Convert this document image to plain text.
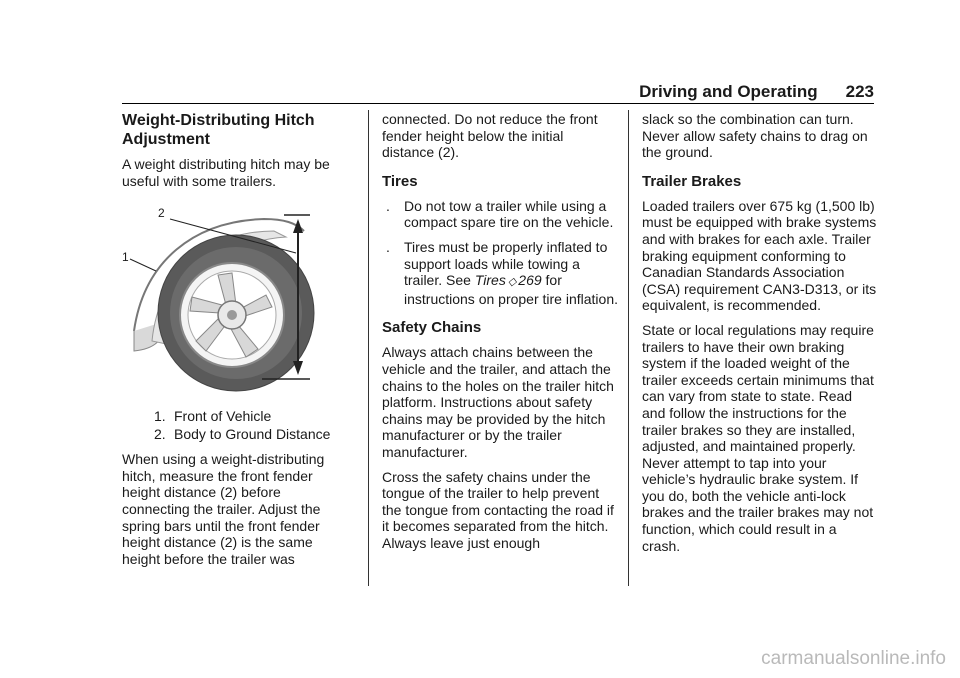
Driving and Operating 223
Weight-Distributing Hitch
Adjustment

A weight distributing hitch may be useful with some trailers.

1
2
1. Front of Vehicle
2. Body to Ground Distance

When using a weight-distributing hitch, measure the front fender height distance (2) before connecting the trailer. Adjust the spring bars until the front fender height distance (2) is the same height before the trailer was

connected. Do not reduce the front fender height below the initial distance (2).

Tires
. Do not tow a trailer while using a compact spare tire on the vehicle.
. Tires must be properly inflated to support loads while towing a trailer. See Tires ◇ 269 for instructions on proper tire inflation.
Safety Chains

Always attach chains between the vehicle and the trailer, and attach the chains to the holes on the trailer hitch platform. Instructions about safety chains may be provided by the hitch manufacturer or by the trailer manufacturer.

Cross the safety chains under the tongue of the trailer to help prevent the tongue from contacting the road if it becomes separated from the hitch. Always leave just enough

slack so the combination can turn. Never allow safety chains to drag on the ground.

Trailer Brakes

Loaded trailers over 675 kg (1,500 lb) must be equipped with brake systems and with brakes for each axle. Trailer braking equipment conforming to Canadian Standards Association (CSA) requirement CAN3-D313, or its equivalent, is recommended.

State or local regulations may require trailers to have their own braking system if the loaded weight of the trailer exceeds certain minimums that can vary from state to state. Read and follow the instructions for the trailer brakes so they are installed, adjusted, and maintained properly. Never attempt to tap into your vehicle’s hydraulic brake system. If you do, both the vehicle anti-lock brakes and the trailer brakes may not function, which could result in a crash.

carmanualsonline.info
